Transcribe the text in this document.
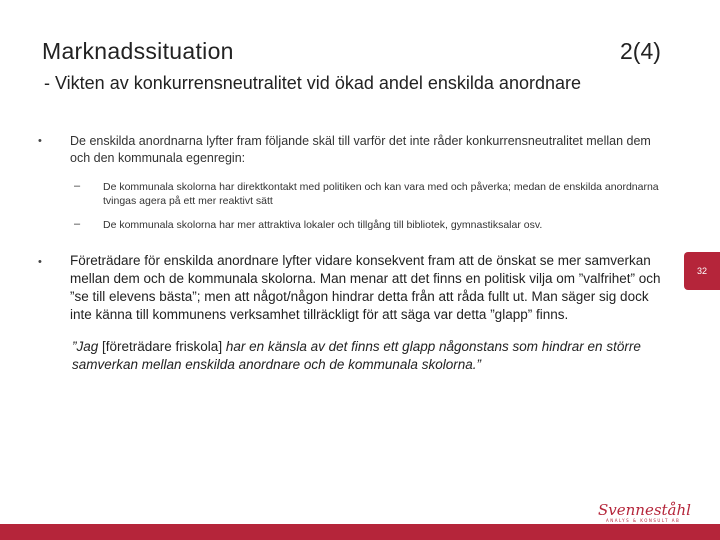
Marknadssituation	2(4)
- Vikten av konkurrensneutralitet vid ökad andel enskilda anordnare
• De enskilda anordnarna lyfter fram följande skäl till varför det inte råder konkurrensneutralitet mellan dem och den kommunala egenregin:
– De kommunala skolorna har direktkontakt med politiken och kan vara med och påverka; medan de enskilda anordnarna tvingas agera på ett mer reaktivt sätt
– De kommunala skolorna har mer attraktiva lokaler och tillgång till bibliotek, gymnastiksalar osv.
• Företrädare för enskilda anordnare lyfter vidare konsekvent fram att de önskat se mer samverkan mellan dem och de kommunala skolorna. Man menar att det finns en politisk vilja om ”valfrihet” och ”se till elevens bästa”; men att något/någon hindrar detta från att råda fullt ut. Man säger sig dock inte känna till kommunens verksamhet tillräckligt för att säga var detta ”glapp” finns.
”Jag [företrädare friskola] har en känsla av det finns ett glapp någonstans som hindrar en större samverkan mellan enskilda anordnare och de kommunala skolorna.”
32
Svenneståhl
ANALYS & KONSULT AB
